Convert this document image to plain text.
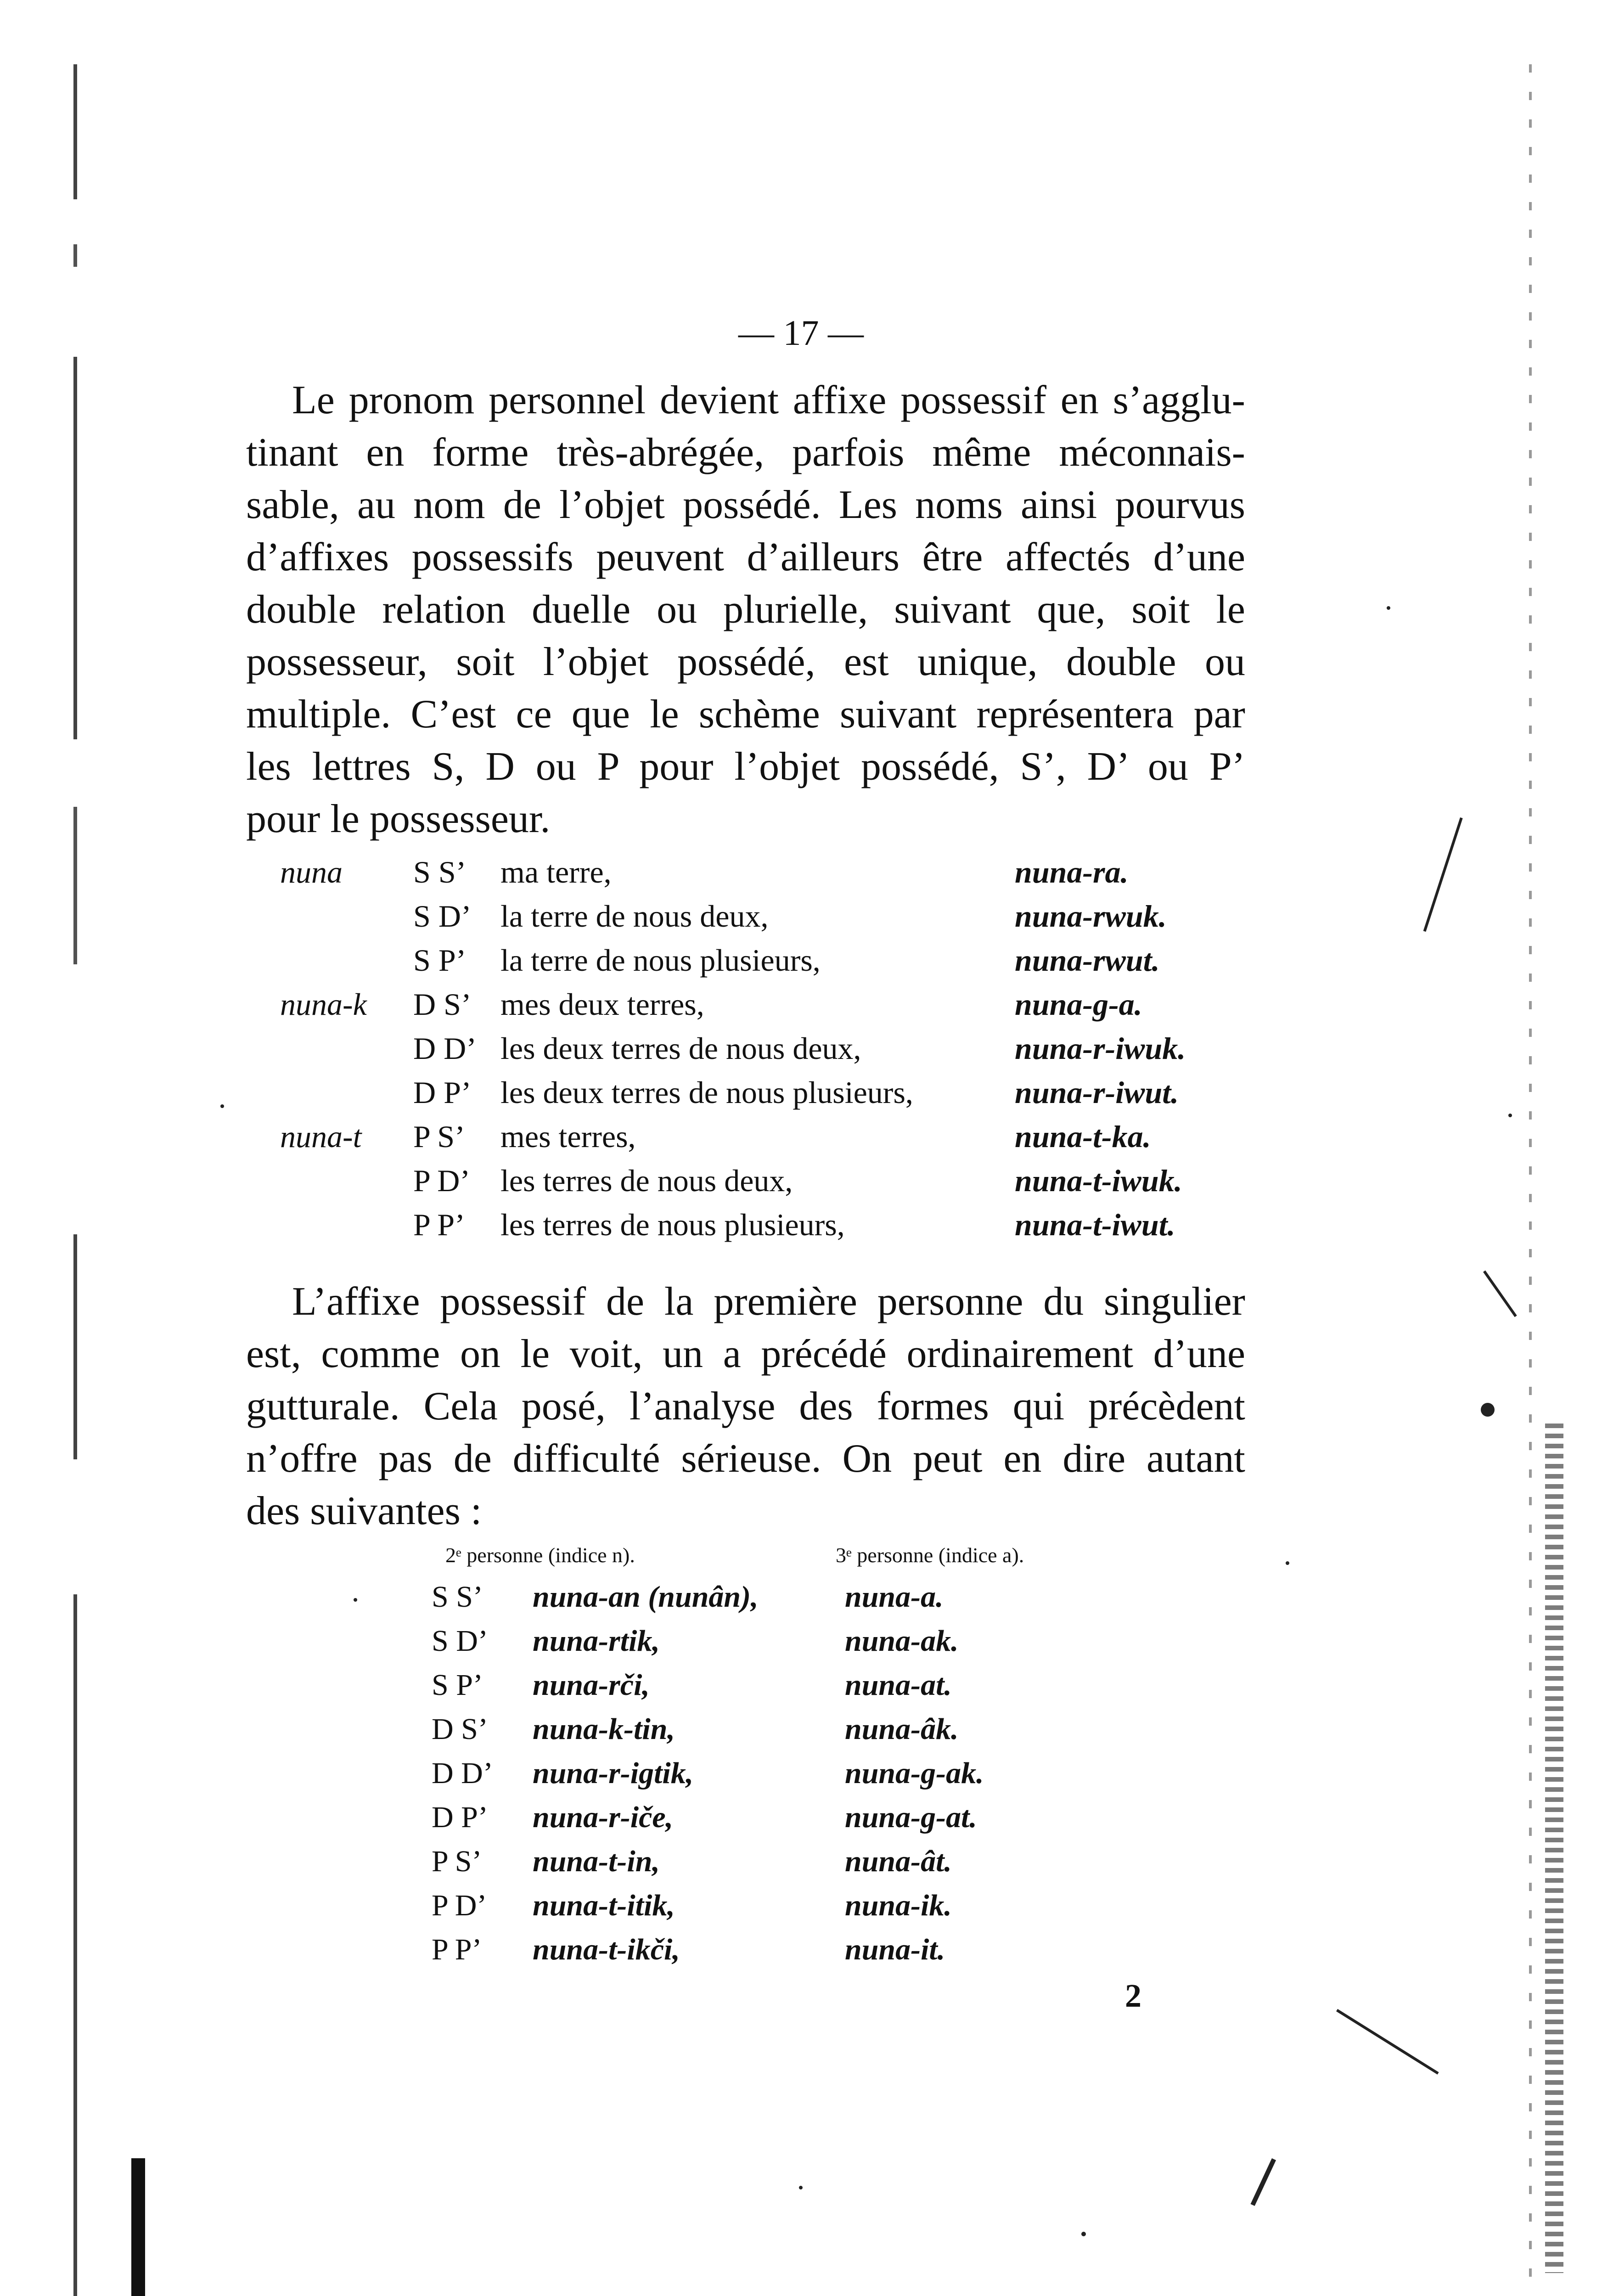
— 17 —
Le pronom personnel devient affixe possessif en s’agglu-
tinant en forme très-abrégée, parfois même méconnais-
sable, au nom de l’objet possédé. Les noms ainsi pourvus
d’affixes possessifs peuvent d’ailleurs être affectés d’une
double relation duelle ou plurielle, suivant que, soit le
possesseur, soit l’objet possédé, est unique, double ou
multiple. C’est ce que le schème suivant représentera par
les lettres S, D ou P pour l’objet possédé, S’, D’ ou P’
pour le possesseur.
nuna S S’ ma terre,	nuna-ra.
S D’ la terre de nous deux,	nuna-rwuk.
S P’ la terre de nous plusieurs,	nuna-rwut.
nuna-k D S’ mes deux terres,	nuna-g-a.
D D’ les deux terres de nous deux,	nuna-r-iwuk.
D P’ les deux terres de nous plusieurs,	nuna-r-iwut.
nuna-t P S’ mes terres,	nuna-t-ka.
P D’ les terres de nous deux,	nuna-t-iwuk.
P P’ les terres de nous plusieurs,	nuna-t-iwut.
L’affixe possessif de la première personne du singulier
est, comme on le voit, un a précédé ordinairement d’une
gutturale. Cela posé, l’analyse des formes qui précèdent
n’offre pas de difficulté sérieuse. On peut en dire autant
des suivantes :
2ᵉ personne (indice n).	3ᵉ personne (indice a).
S S’ nuna-an (nunân),	nuna-a.
S D’ nuna-rtik,	nuna-ak.
S P’ nuna-rči,	nuna-at.
D S’ nuna-k-tin,	nuna-âk.
D D’ nuna-r-igtik,	nuna-g-ak.
D P’ nuna-r-iče,	nuna-g-at.
P S’ nuna-t-in,	nuna-ât.
P D’ nuna-t-itik,	nuna-ik.
P P’ nuna-t-ikči,	nuna-it.
2
